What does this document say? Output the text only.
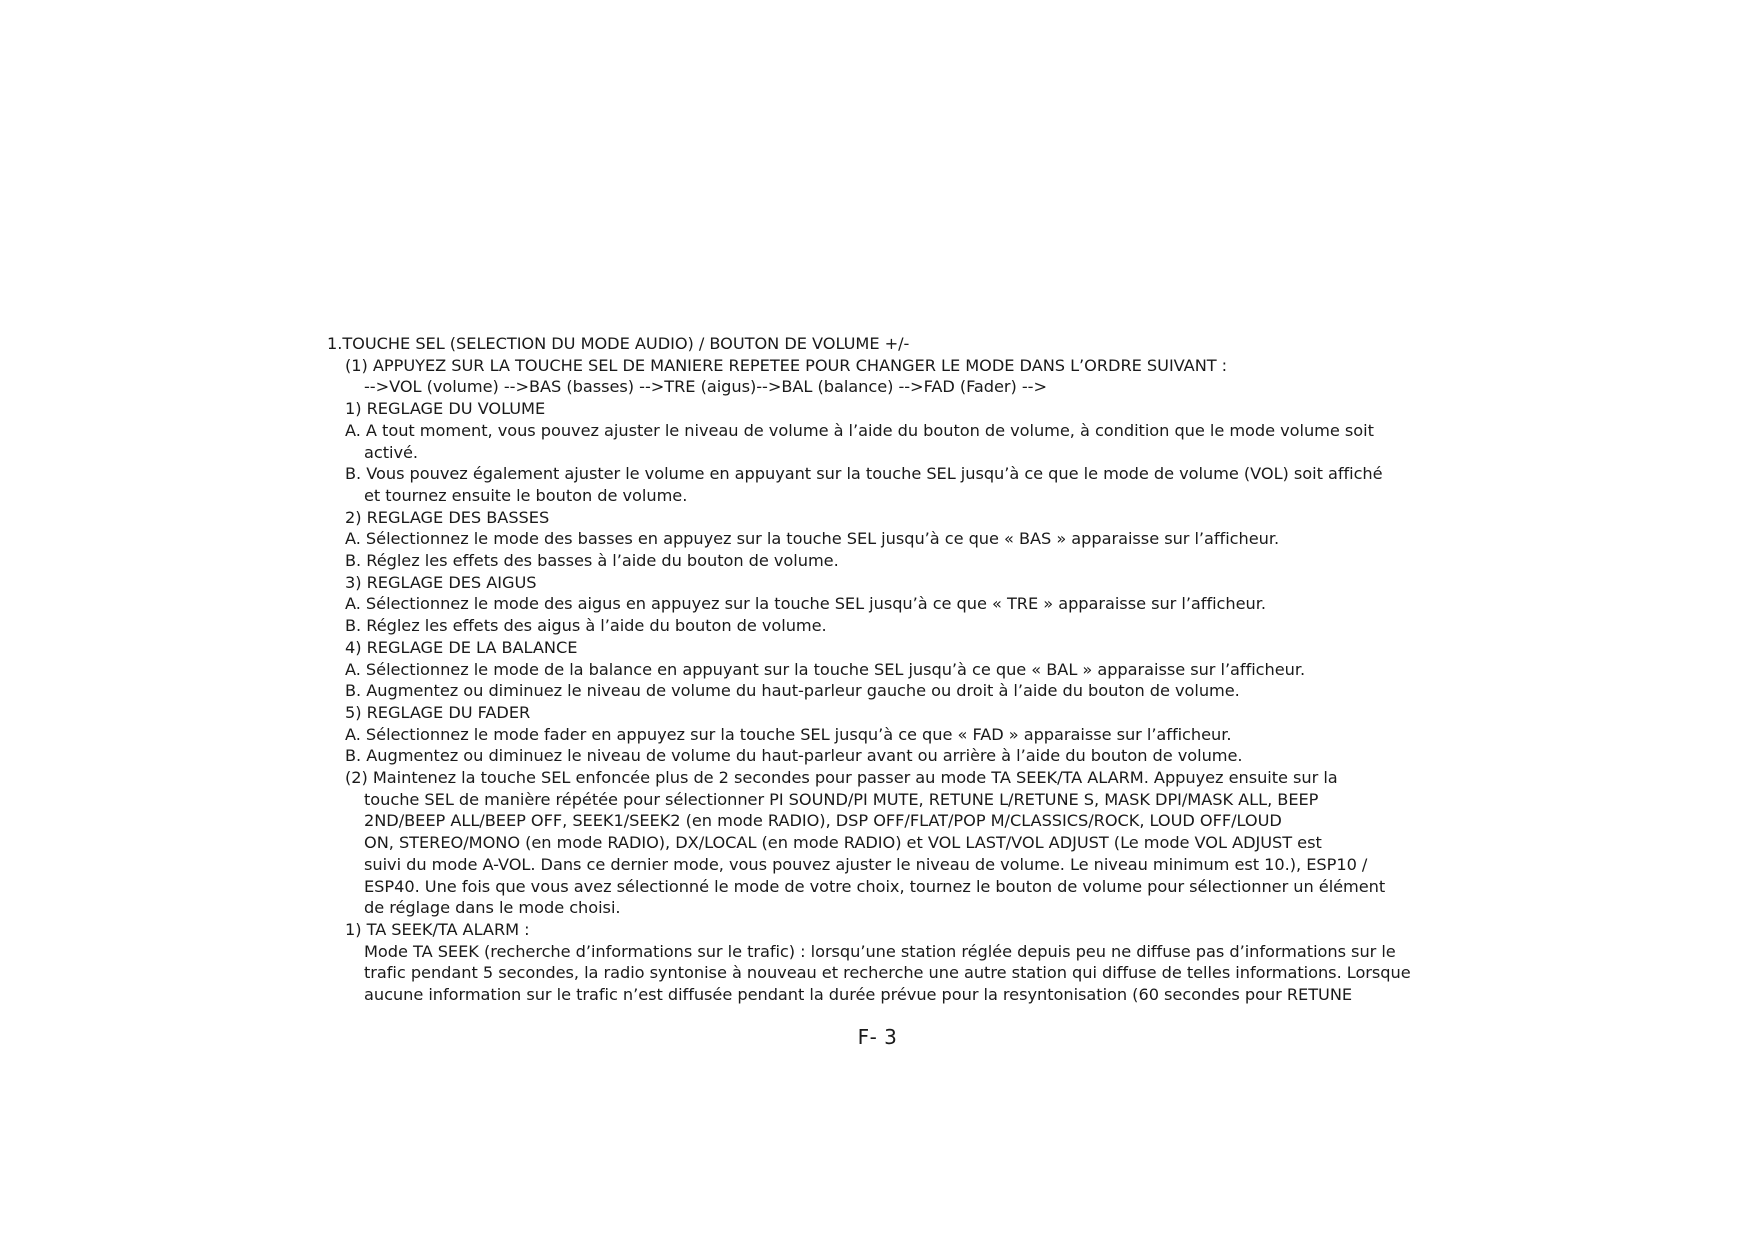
1.TOUCHE SEL (SELECTION DU MODE AUDIO) / BOUTON DE VOLUME +/-

(1) APPUYEZ SUR LA TOUCHE SEL DE MANIERE REPETEE POUR CHANGER LE MODE DANS L’ORDRE SUIVANT :

-->VOL (volume) -->BAS (basses) -->TRE (aigus)-->BAL (balance) -->FAD (Fader) -->

1) REGLAGE DU VOLUME

A. A tout moment, vous pouvez ajuster le niveau de volume à l’aide du bouton de volume, à condition que le mode volume soit

activé.

B. Vous pouvez également ajuster le volume en appuyant sur la touche SEL jusqu’à ce que le mode de volume (VOL) soit affiché

et tournez ensuite le bouton de volume.

2) REGLAGE DES BASSES

A. Sélectionnez le mode des basses en appuyez sur la touche SEL jusqu’à ce que « BAS » apparaisse sur l’afficheur.

B. Réglez les effets des basses à l’aide du bouton de volume.

3) REGLAGE DES AIGUS

A. Sélectionnez le mode des aigus en appuyez sur la touche SEL jusqu’à ce que « TRE » apparaisse sur l’afficheur.

B. Réglez les effets des aigus à l’aide du bouton de volume.

4) REGLAGE DE LA BALANCE

A. Sélectionnez le mode de la balance en appuyant sur la touche SEL jusqu’à ce que « BAL » apparaisse sur l’afficheur.

B. Augmentez ou diminuez le niveau de volume du haut-parleur gauche ou droit à l’aide du bouton de volume.

5) REGLAGE DU FADER

A. Sélectionnez le mode fader en appuyez sur la touche SEL jusqu’à ce que « FAD » apparaisse sur l’afficheur.

B. Augmentez ou diminuez le niveau de volume du haut-parleur avant ou arrière à l’aide du bouton de volume.

(2) Maintenez la touche SEL enfoncée plus de 2 secondes pour passer au mode TA SEEK/TA ALARM. Appuyez ensuite sur la

touche SEL de manière répétée pour sélectionner PI SOUND/PI MUTE, RETUNE L/RETUNE S, MASK DPI/MASK ALL, BEEP

2ND/BEEP ALL/BEEP OFF, SEEK1/SEEK2 (en mode RADIO), DSP OFF/FLAT/POP M/CLASSICS/ROCK, LOUD OFF/LOUD

ON, STEREO/MONO (en mode RADIO), DX/LOCAL (en mode RADIO) et VOL LAST/VOL ADJUST (Le mode VOL ADJUST est

suivi du mode A-VOL. Dans ce dernier mode, vous pouvez ajuster le niveau de volume. Le niveau minimum est 10.), ESP10 /

ESP40. Une fois que vous avez sélectionné le mode de votre choix, tournez le bouton de volume pour sélectionner un élément

de réglage dans le mode choisi.

1) TA SEEK/TA ALARM :

Mode TA SEEK (recherche d’informations sur le trafic) : lorsqu’une station réglée depuis peu ne diffuse pas d’informations sur le

trafic pendant 5 secondes, la radio syntonise à nouveau et recherche une autre station qui diffuse de telles informations. Lorsque

aucune information sur le trafic n’est diffusée pendant la durée prévue pour la resyntonisation (60 secondes pour RETUNE

F- 3
